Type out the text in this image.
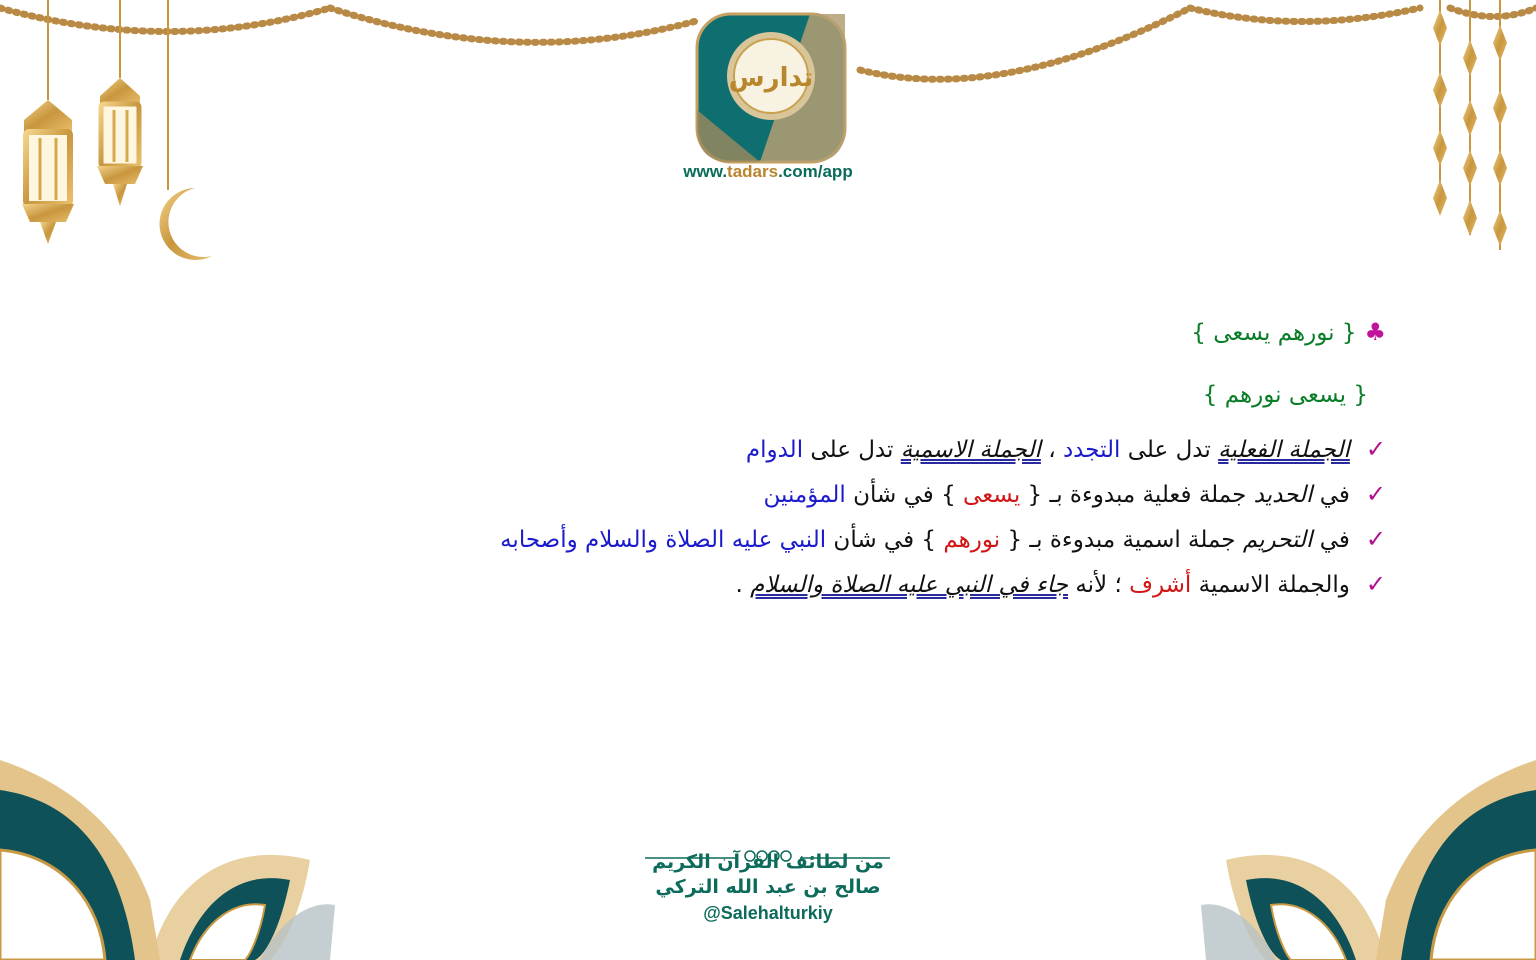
تدارس
www.tadars.com/app
♣{ نورهم يسعى }
{ يسعى نورهم }
✓الجملة الفعلية تدل على التجدد ، الجملة الاسمية تدل على الدوام
✓في الحديد جملة فعلية مبدوءة بـ { يسعى } في شأن المؤمنين
✓في التحريم جملة اسمية مبدوءة بـ { نورهم } في شأن النبي عليه الصلاة والسلام وأصحابه
✓والجملة الاسمية أشرف ؛ لأنه جاء في النبي عليه الصلاة والسلام .
من لطائف القرآن الكريم
صالح بن عبد الله التركي
@Salehalturkiy
